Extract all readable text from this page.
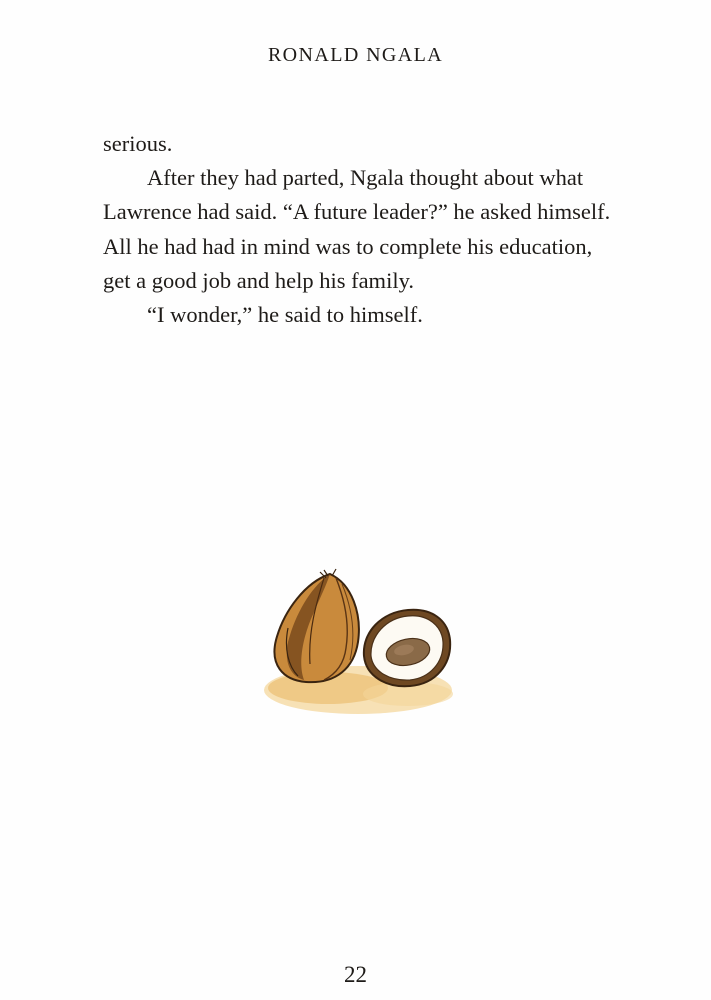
RONALD NGALA

serious.

After they had parted, Ngala thought about what Lawrence had said. “A future leader?” he asked himself. All he had had in mind was to complete his education, get a good job and help his family.

“I wonder,” he said to himself.

22
